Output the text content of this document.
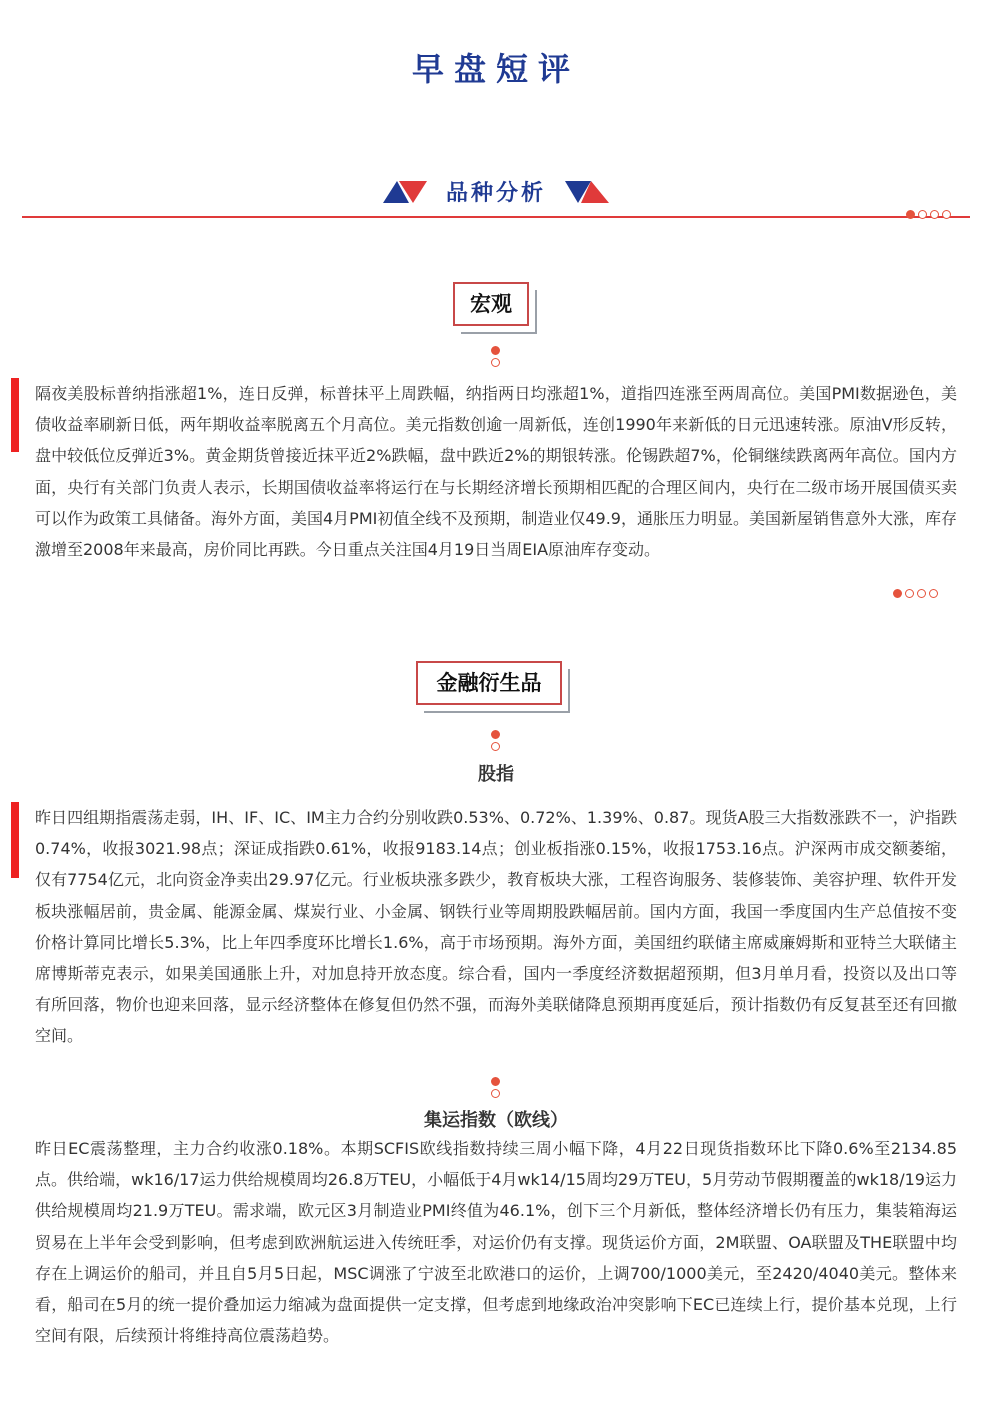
早盘短评
品种分析
宏观
隔夜美股标普纳指涨超1%，连日反弹，标普抹平上周跌幅，纳指两日均涨超1%，道指四连涨至两周高位。美国PMI数据逊色，美债收益率刷新日低，两年期收益率脱离五个月高位。美元指数创逾一周新低，连创1990年来新低的日元迅速转涨。原油V形反转，盘中较低位反弹近3%。黄金期货曾接近抹平近2%跌幅，盘中跌近2%的期银转涨。伦锡跌超7%，伦铜继续跌离两年高位。国内方面，央行有关部门负责人表示，长期国债收益率将运行在与长期经济增长预期相匹配的合理区间内，央行在二级市场开展国债买卖可以作为政策工具储备。海外方面，美国4月PMI初值全线不及预期，制造业仅49.9，通胀压力明显。美国新屋销售意外大涨，库存激增至2008年来最高，房价同比再跌。今日重点关注国4月19日当周EIA原油库存变动。
金融衍生品
股指
昨日四组期指震荡走弱，IH、IF、IC、IM主力合约分别收跌0.53%、0.72%、1.39%、0.87。现货A股三大指数涨跌不一，沪指跌0.74%，收报3021.98点；深证成指跌0.61%，收报9183.14点；创业板指涨0.15%，收报1753.16点。沪深两市成交额萎缩，仅有7754亿元，北向资金净卖出29.97亿元。行业板块涨多跌少，教育板块大涨，工程咨询服务、装修装饰、美容护理、软件开发板块涨幅居前，贵金属、能源金属、煤炭行业、小金属、钢铁行业等周期股跌幅居前。国内方面，我国一季度国内生产总值按不变价格计算同比增长5.3%，比上年四季度环比增长1.6%，高于市场预期。海外方面，美国纽约联储主席威廉姆斯和亚特兰大联储主席博斯蒂克表示，如果美国通胀上升，对加息持开放态度。综合看，国内一季度经济数据超预期，但3月单月看，投资以及出口等有所回落，物价也迎来回落，显示经济整体在修复但仍然不强，而海外美联储降息预期再度延后，预计指数仍有反复甚至还有回撤空间。
集运指数（欧线）
昨日EC震荡整理，主力合约收涨0.18%。本期SCFIS欧线指数持续三周小幅下降，4月22日现货指数环比下降0.6%至2134.85点。供给端，wk16/17运力供给规模周均26.8万TEU，小幅低于4月wk14/15周均29万TEU，5月劳动节假期覆盖的wk18/19运力供给规模周均21.9万TEU。需求端，欧元区3月制造业PMI终值为46.1%，创下三个月新低，整体经济增长仍有压力，集装箱海运贸易在上半年会受到影响，但考虑到欧洲航运进入传统旺季，对运价仍有支撑。现货运价方面，2M联盟、OA联盟及THE联盟中均存在上调运价的船司，并且自5月5日起，MSC调涨了宁波至北欧港口的运价，上调700/1000美元，至2420/4040美元。整体来看，船司在5月的统一提价叠加运力缩减为盘面提供一定支撑，但考虑到地缘政治冲突影响下EC已连续上行，提价基本兑现，上行空间有限，后续预计将维持高位震荡趋势。
